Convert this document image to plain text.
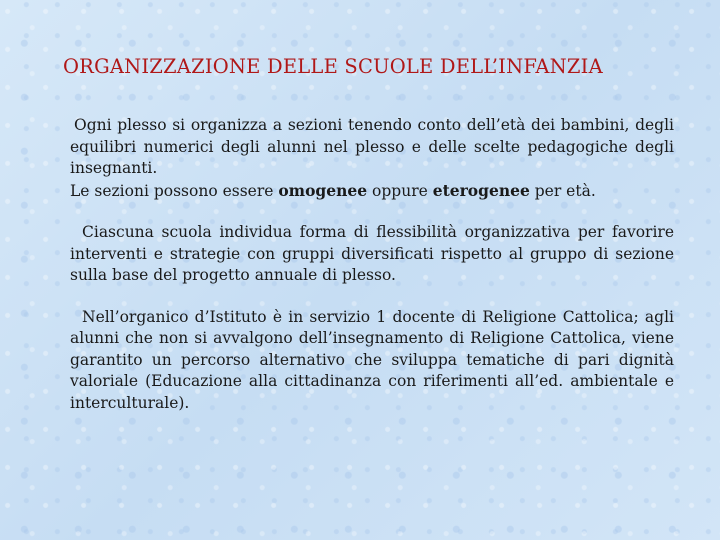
ORGANIZZAZIONE DELLE SCUOLE DELL’INFANZIA

Ogni plesso si organizza a sezioni tenendo conto dell’età dei bambini, degli equilibri numerici degli alunni nel plesso e delle scelte pedagogiche degli insegnanti.

Le sezioni possono essere omogenee oppure eterogenee per età.

Ciascuna scuola individua forma di flessibilità organizzativa per favorire interventi e strategie con gruppi diversificati rispetto al gruppo di sezione sulla base del progetto annuale di plesso.

Nell’organico d’Istituto è in servizio 1 docente di Religione Cattolica; agli alunni che non si avvalgono dell’insegnamento di Religione Cattolica, viene garantito un percorso alternativo che sviluppa tematiche di pari dignità valoriale (Educazione alla cittadinanza con riferimenti all’ed. ambientale e interculturale).
